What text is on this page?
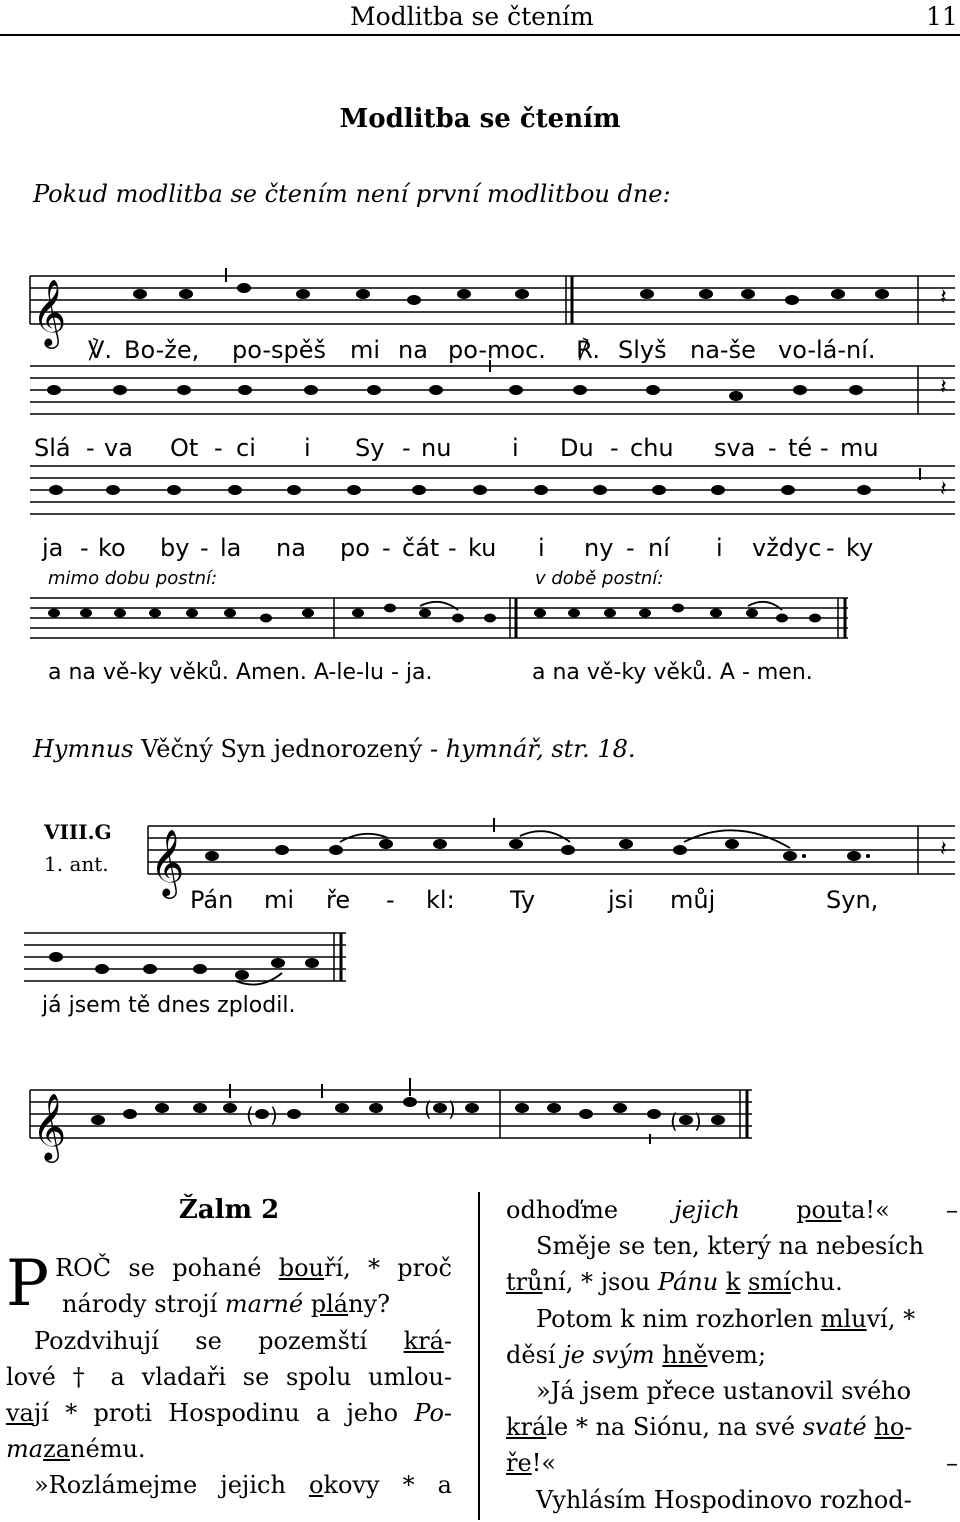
Modlitba se čtením	11
Modlitba se čtením
Pokud modlitba se čtením není první modlitbou dne:
𝄞	𝄽
℣. Bo-že, po-spěš mi na po-moc. ℟. Slyš na-še vo-lá-ní.
𝄽
Slá - va Ot - ci i Sy - nu	i Du - chu sva - té - mu
𝄽
ja - ko by - la na po - čát - ku i ny - ní i vždyc - ky
mimo dobu postní:	v době postní:
a na vě-ky věků. Amen. A-le-lu - ja.	a na vě-ky věků. A - men.
Hymnus Věčný Syn jednorozený - hymnář, str. 18.
VIII.G
1. ant. 𝄞	𝄽
Pán mi ře - kl: Ty	jsi můj	Syn,
já jsem tě dnes zplodil.
𝄞	( )	( )	( )
Žalm 2
P ROČ se pohané bouří, * proč

národy strojí marné plány?

Pozdvihují se pozemští krá-

lové † a vladaři se spolu umlou-

vají * proti Hospodinu a jeho Po-

mazanému.

»Rozlámejme jejich okovy * a

odhoďme jejich pouta!« –

Směje se ten, který na nebesích

trůní, * jsou Pánu k smíchu.

Potom k nim rozhorlen mluví, *

děsí je svým hněvem;

»Já jsem přece ustanovil svého

krále * na Siónu, na své svaté ho-

ře!« –

Vyhlásím Hospodinovo rozhod-
